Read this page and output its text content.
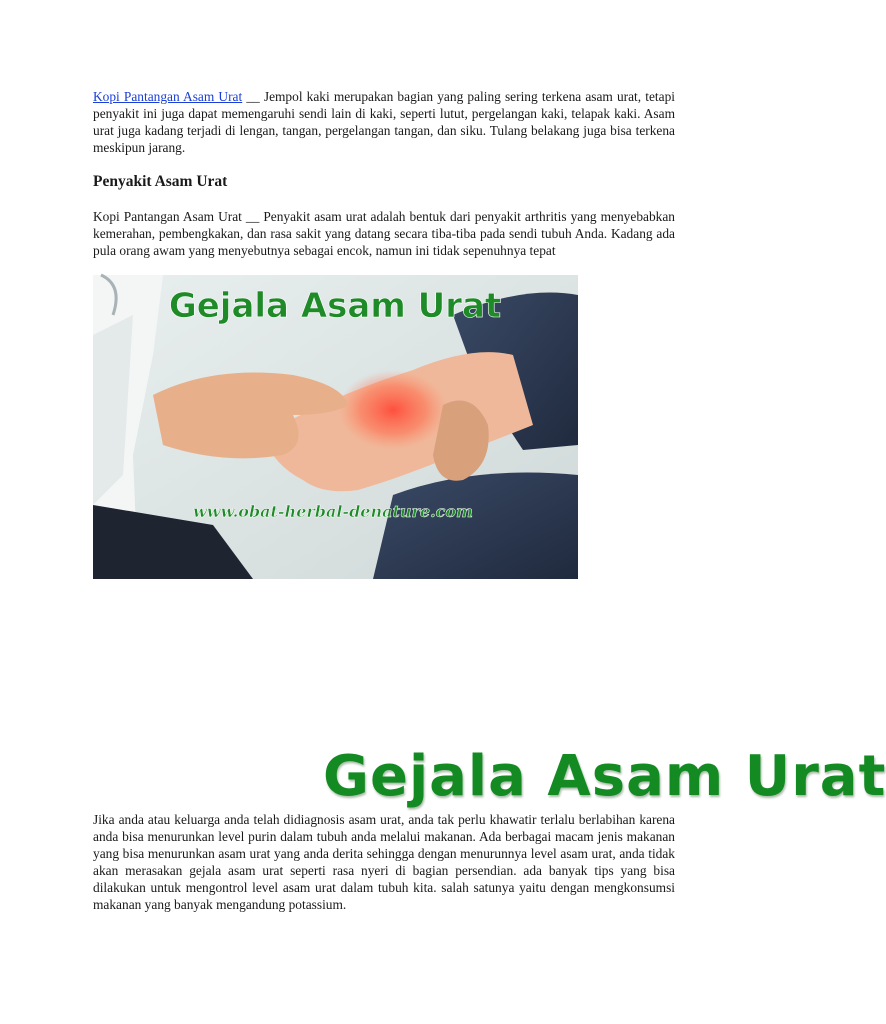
Kopi Pantangan Asam Urat __ Jempol kaki merupakan bagian yang paling sering terkena asam urat, tetapi penyakit ini juga dapat memengaruhi sendi lain di kaki, seperti lutut, pergelangan kaki, telapak kaki. Asam urat juga kadang terjadi di lengan, tangan, pergelangan tangan, dan siku. Tulang belakang juga bisa terkena meskipun jarang.

Penyakit Asam Urat

Kopi Pantangan Asam Urat __ Penyakit asam urat adalah bentuk dari penyakit arthritis yang menyebabkan kemerahan, pembengkakan, dan rasa sakit yang datang secara tiba-tiba pada sendi tubuh Anda. Kadang ada pula orang awam yang menyebutnya sebagai encok, namun ini tidak sepenuhnya tepat

Gejala Asam Urat
www.obat-herbal-denature.com
Gejala Asam Urat

Jika anda atau keluarga anda telah didiagnosis asam urat, anda tak perlu khawatir terlalu berlabihan karena anda bisa menurunkan level purin dalam tubuh anda melalui makanan. Ada berbagai macam jenis makanan yang bisa menurunkan asam urat yang anda derita sehingga dengan menurunnya level asam urat, anda tidak akan merasakan gejala asam urat seperti rasa nyeri di bagian persendian. ada banyak tips yang bisa dilakukan untuk mengontrol level asam urat dalam tubuh kita. salah satunya yaitu dengan mengkonsumsi makanan yang banyak mengandung potassium.
